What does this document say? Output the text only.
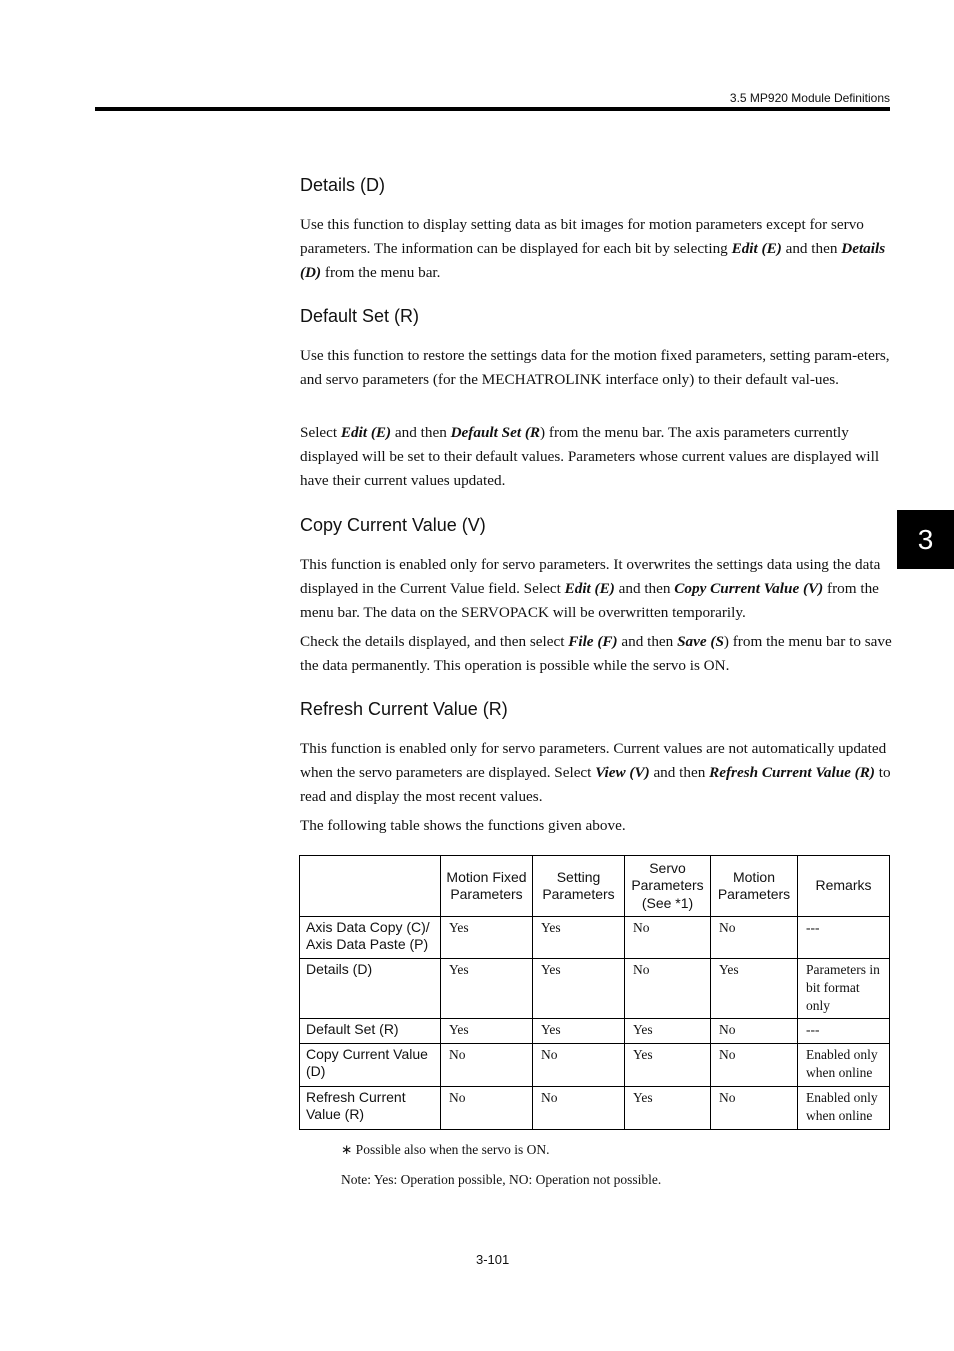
3.5 MP920 Module Definitions
3
Details (D)

Use this function to display setting data as bit images for motion parameters except for servo parameters. The information can be displayed for each bit by selecting Edit (E) and then Details (D) from the menu bar.

Default Set (R)

Use this function to restore the settings data for the motion fixed parameters, setting param-eters, and servo parameters (for the MECHATROLINK interface only) to their default val-ues.

Select Edit (E) and then Default Set (R) from the menu bar. The axis parameters currently displayed will be set to their default values. Parameters whose current values are displayed will have their current values updated.

Copy Current Value (V)

This function is enabled only for servo parameters. It overwrites the settings data using the data displayed in the Current Value field. Select Edit (E) and then Copy Current Value (V) from the menu bar. The data on the SERVOPACK will be overwritten temporarily.

Check the details displayed, and then select File (F) and then Save (S) from the menu bar to save the data permanently. This operation is possible while the servo is ON.

Refresh Current Value (R)

This function is enabled only for servo parameters. Current values are not automatically updated when the servo parameters are displayed. Select View (V) and then Refresh Current Value (R) to read and display the most recent values.

The following table shows the functions given above.

	Motion Fixed Parameters	Setting Parameters	Servo Parameters (See *1)	Motion Parameters	Remarks
Axis Data Copy (C)/ Axis Data Paste (P)	Yes	Yes	No	No	---
Details (D)	Yes	Yes	No	Yes	Parameters in bit format only
Default Set (R)	Yes	Yes	Yes	No	---
Copy Current Value (D)	No	No	Yes	No	Enabled only when online
Refresh Current Value (R)	No	No	Yes	No	Enabled only when online
∗ Possible also when the servo is ON.
Note: Yes: Operation possible, NO: Operation not possible.
3-101
